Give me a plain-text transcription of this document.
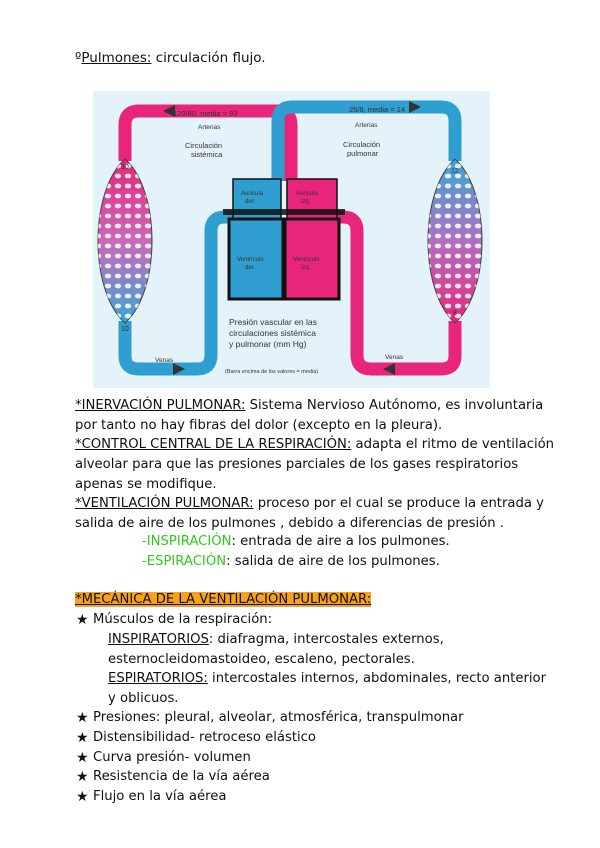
ºPulmones: circulación flujo.
120/80, media = 93	25/8, media = 14
Arterias	Arterias
Circulación
sistémica
Circulación
pulmonar
Aurícula
der.
Aurícula
izq.
Ventrículo
der.
Ventrículo
izq.
30
10
12
8
Presión vascular en las
circulaciones sistémica
y pulmonar (mm Hg)
(Barra encima de los valores = media)
Venas	Venas
*INERVACIÓN PULMONAR: Sistema Nervioso Autónomo, es involuntaria
por tanto no hay fibras del dolor (excepto en la pleura).
*CONTROL CENTRAL DE LA RESPIRACIÓN: adapta el ritmo de ventilación
alveolar para que las presiones parciales de los gases respiratorios
apenas se modifique.
*VENTILACIÓN PULMONAR: proceso por el cual se produce la entrada y
salida de aire de los pulmones , debido a diferencias de presión .
-INSPIRACIÓN: entrada de aire a los pulmones.
-ESPIRACIÓN: salida de aire de los pulmones.
*MECÁNICA DE LA VENTILACIÓN PULMONAR:
★ Músculos de la respiración:
INSPIRATORIOS: diafragma, intercostales externos,
esternocleidomastoideo, escaleno, pectorales.
ESPIRATORIOS: intercostales internos, abdominales, recto anterior
y oblicuos.
★ Presiones: pleural, alveolar, atmosférica, transpulmonar
★ Distensibilidad- retroceso elástico
★ Curva presión- volumen
★ Resistencia de la vía aérea
★ Flujo en la vía aérea
